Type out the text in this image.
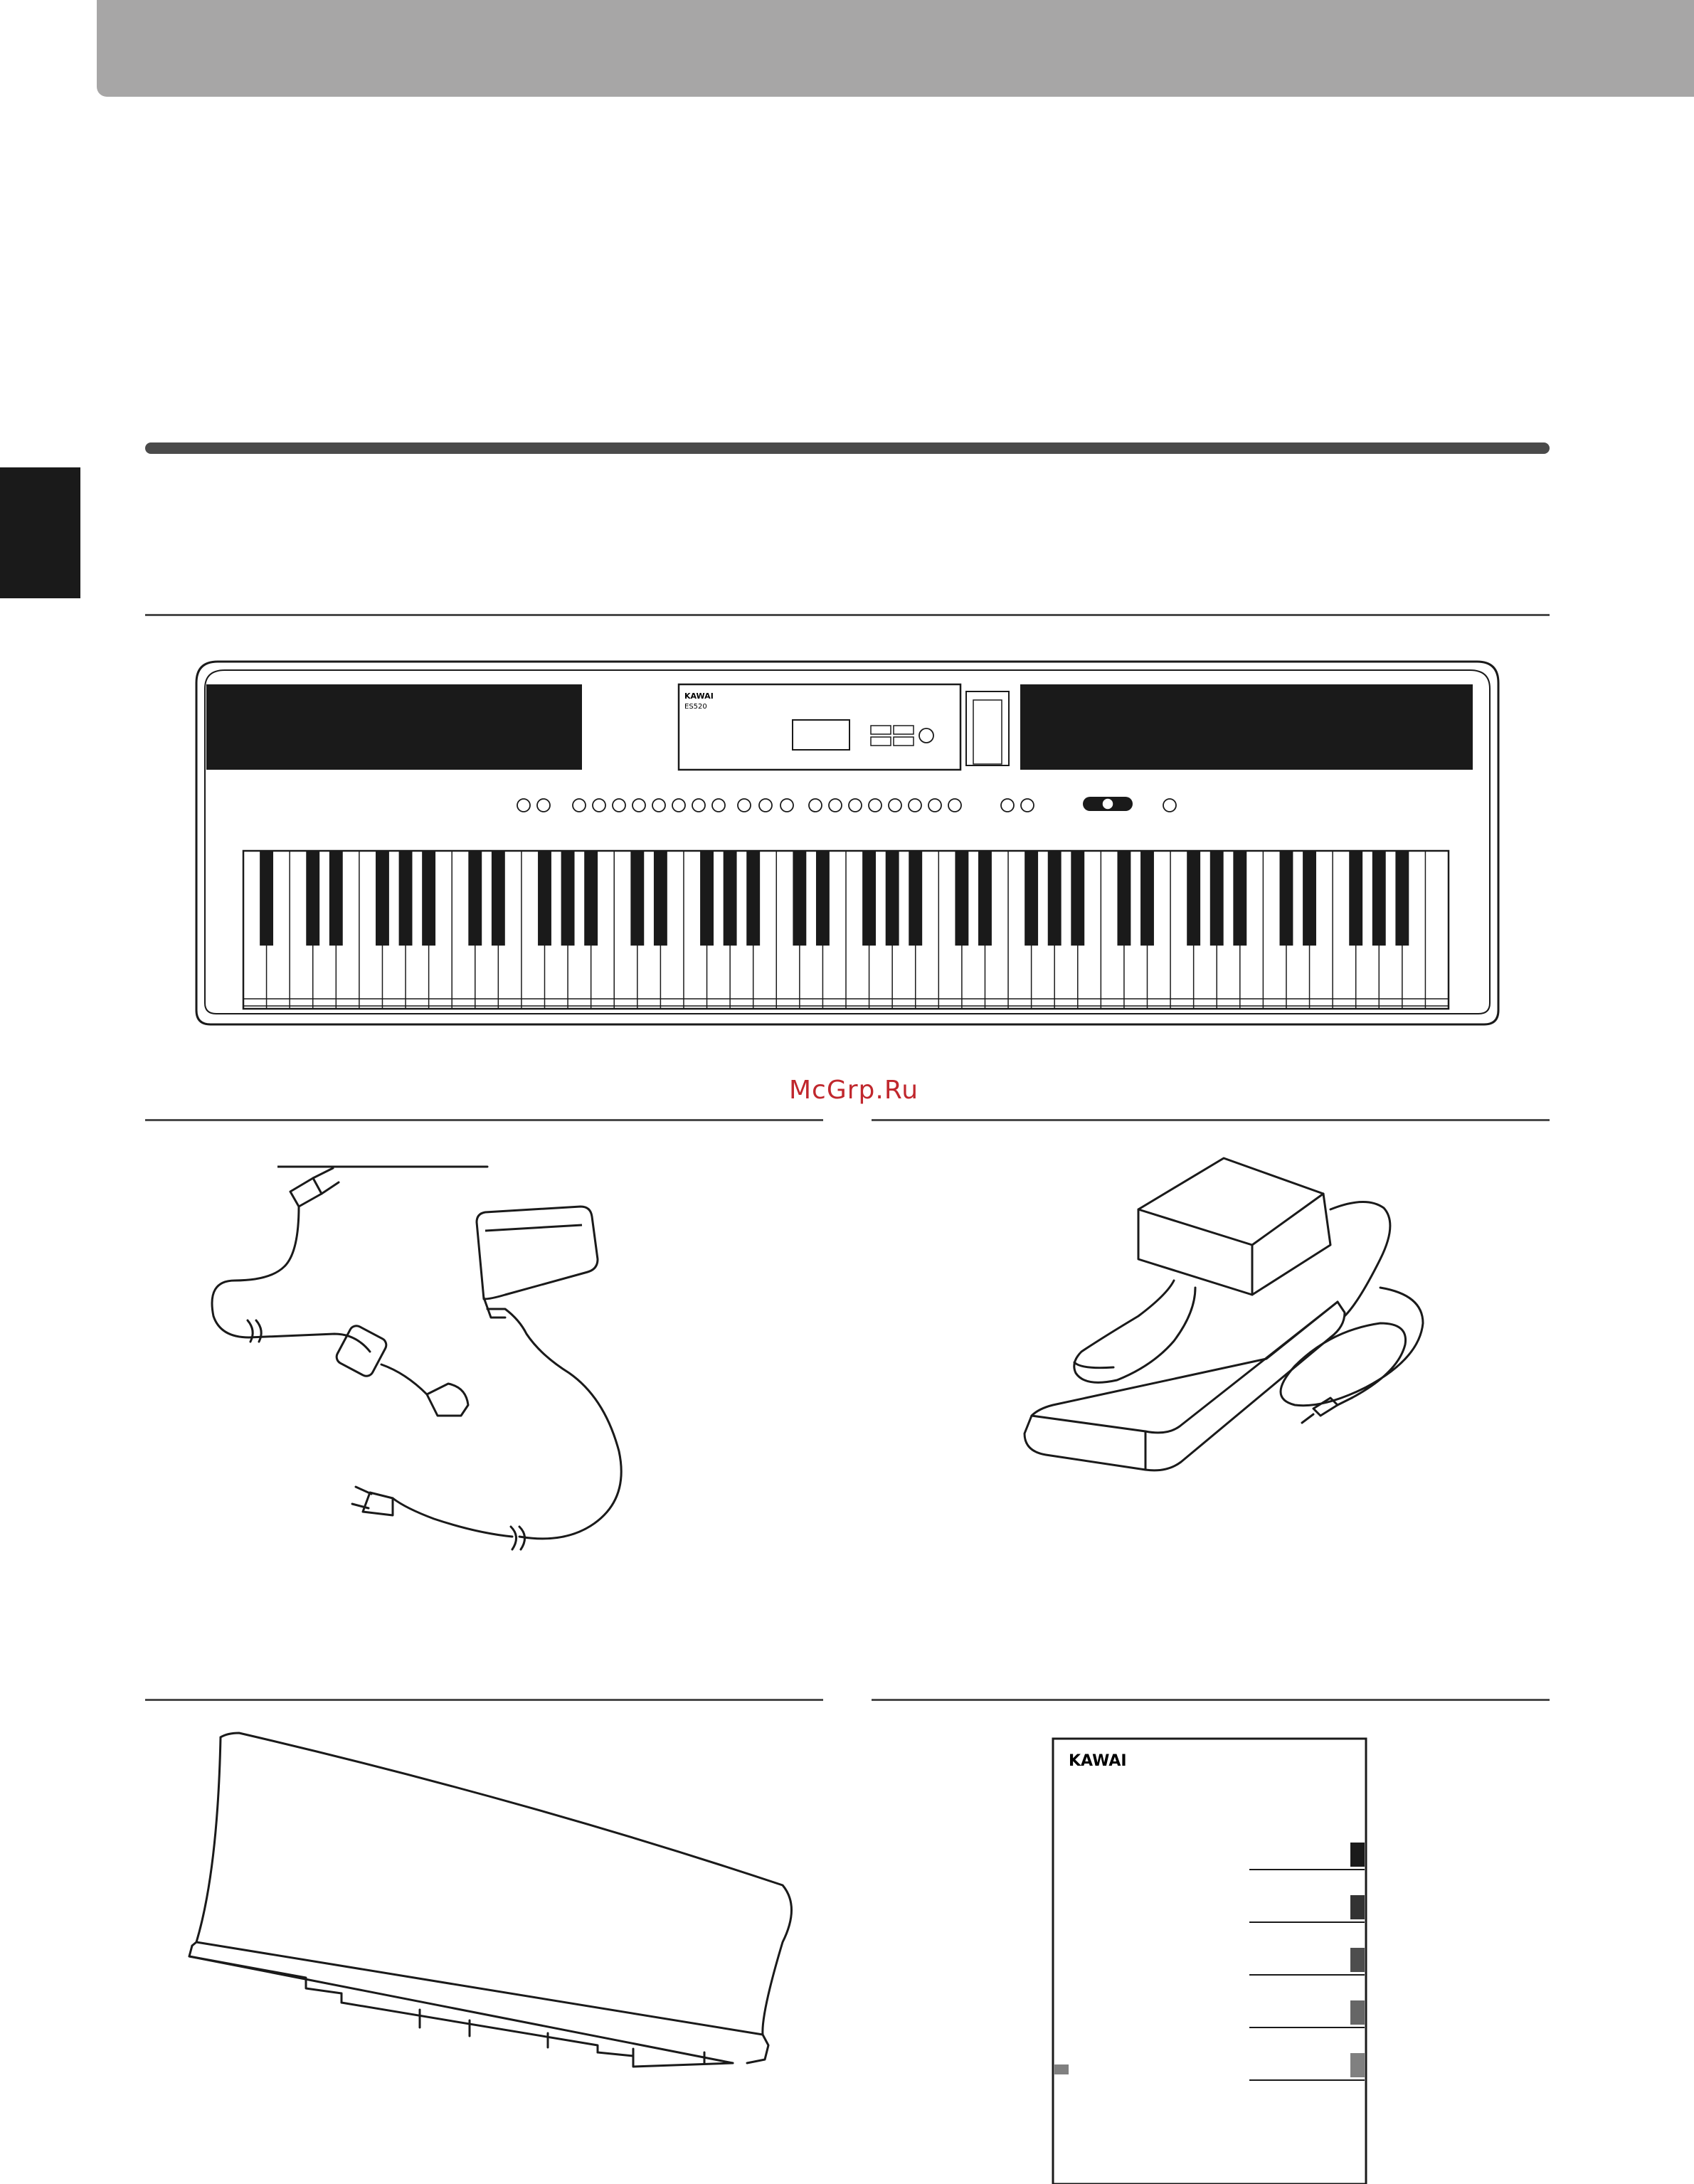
KAWAI
ES520
KAWAI
McGrp.Ru
